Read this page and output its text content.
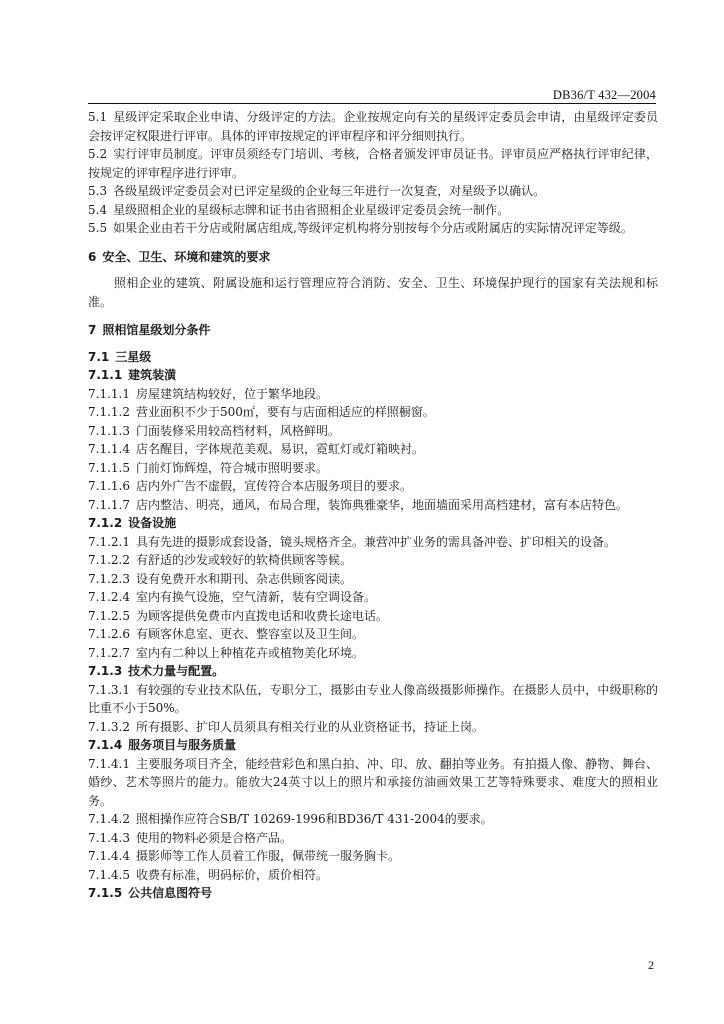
DB36/T 432—2004

5.1 星级评定采取企业申请、分级评定的方法。企业按规定向有关的星级评定委员会申请，由星级评定委员会按评定权限进行评审。具体的评审按规定的评审程序和评分细则执行。

5.2 实行评审员制度。评审员须经专门培训、考核，合格者颁发评审员证书。评审员应严格执行评审纪律，按规定的评审程序进行评审。

5.3 各级星级评定委员会对已评定星级的企业每三年进行一次复查，对星级予以确认。

5.4 星级照相企业的星级标志牌和证书由省照相企业星级评定委员会统一制作。

5.5 如果企业由若干分店或附属店组成,等级评定机构将分别按每个分店或附属店的实际情况评定等级。

6 安全、卫生、环境和建筑的要求

照相企业的建筑、附属设施和运行管理应符合消防、安全、卫生、环境保护现行的国家有关法规和标准。

7 照相馆星级划分条件

7.1 三星级

7.1.1 建筑装潢

7.1.1.1 房屋建筑结构较好，位于繁华地段。

7.1.1.2 营业面积不少于500㎡，要有与店面相适应的样照橱窗。

7.1.1.3 门面装修采用较高档材料，风格鲜明。

7.1.1.4 店名醒目，字体规范美观、易识，霓虹灯或灯箱映衬。

7.1.1.5 门前灯饰辉煌，符合城市照明要求。

7.1.1.6 店内外广告不虚假，宣传符合本店服务项目的要求。

7.1.1.7 店内整洁、明亮，通风，布局合理，装饰典雅豪华，地面墙面采用高档建材，富有本店特色。

7.1.2 设备设施

7.1.2.1 具有先进的摄影成套设备，镜头规格齐全。兼营冲扩业务的需具备冲卷、扩印相关的设备。

7.1.2.2 有舒适的沙发或较好的软椅供顾客等候。

7.1.2.3 设有免费开水和期刊、杂志供顾客阅读。

7.1.2.4 室内有换气设施，空气清新，装有空调设备。

7.1.2.5 为顾客提供免费市内直拨电话和收费长途电话。

7.1.2.6 有顾客休息室、更衣、整容室以及卫生间。

7.1.2.7 室内有二种以上种植花卉或植物美化环境。

7.1.3 技术力量与配置。

7.1.3.1 有较强的专业技术队伍，专职分工，摄影由专业人像高级摄影师操作。在摄影人员中，中级职称的比重不小于50%。

7.1.3.2 所有摄影、扩印人员须具有相关行业的从业资格证书，持证上岗。

7.1.4 服务项目与服务质量

7.1.4.1 主要服务项目齐全，能经营彩色和黑白拍、冲、印、放、翻拍等业务。有拍摄人像、静物、舞台、婚纱、艺术等照片的能力。能放大24英寸以上的照片和承接仿油画效果工艺等特殊要求、难度大的照相业务。

7.1.4.2 照相操作应符合SB/T 10269-1996和BD36/T 431-2004的要求。

7.1.4.3 使用的物料必须是合格产品。

7.1.4.4 摄影师等工作人员着工作服，佩带统一服务胸卡。

7.1.4.5 收费有标准，明码标价，质价相符。

7.1.5 公共信息图符号

2
